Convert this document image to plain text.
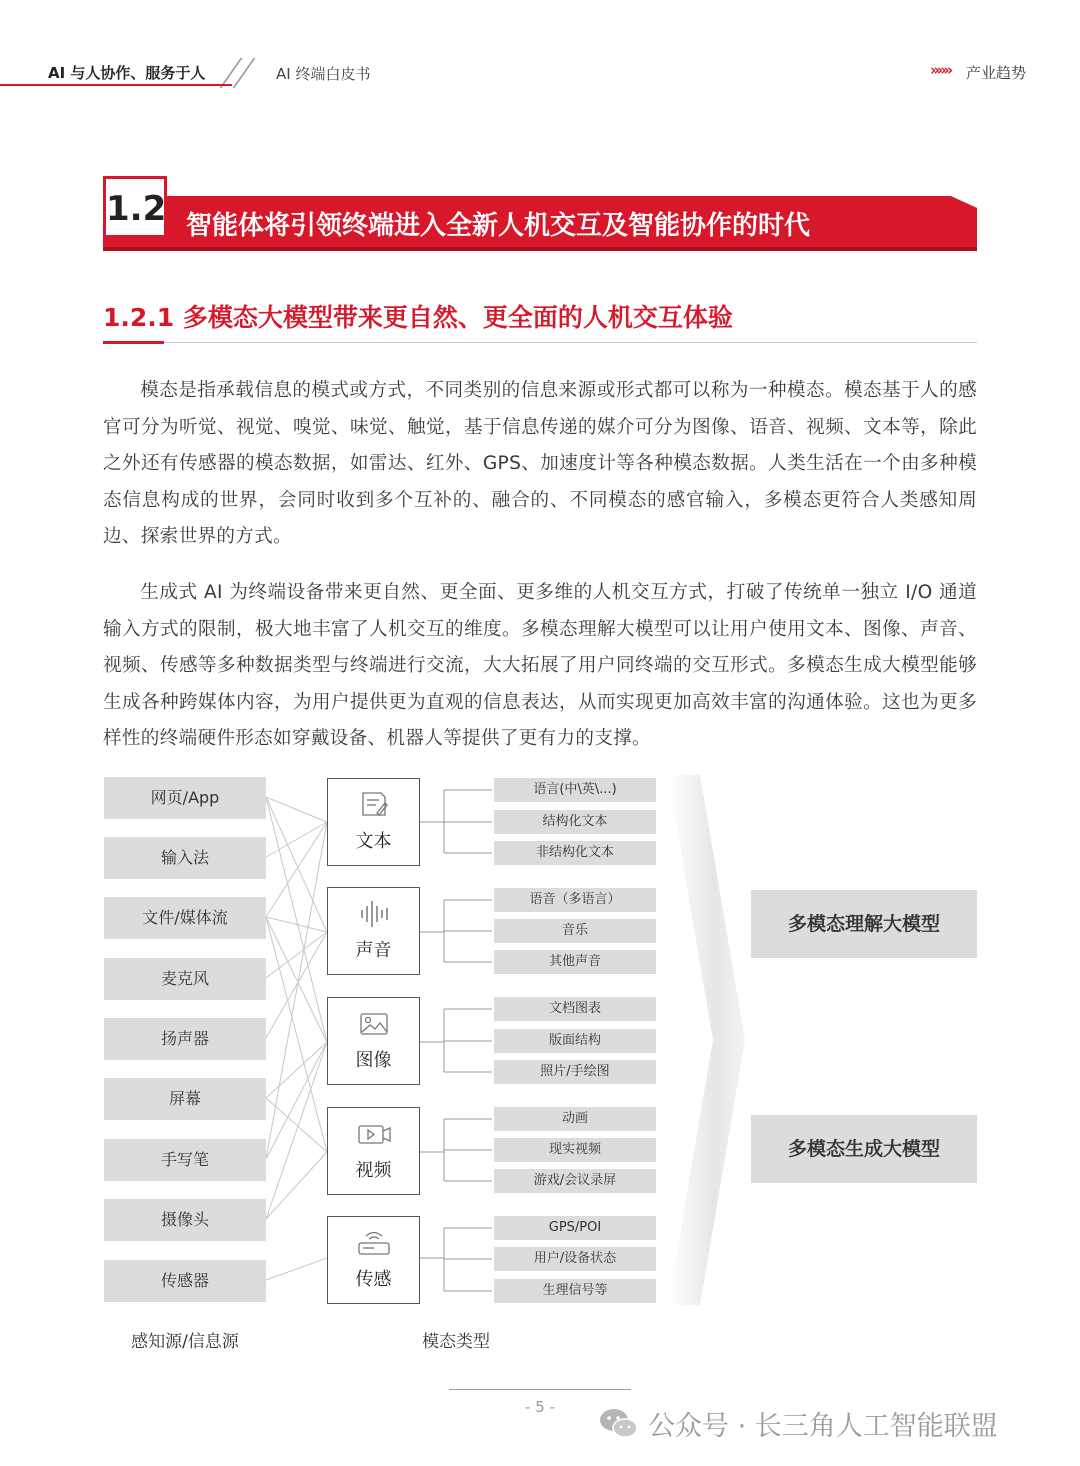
AI 与人协作、服务于人	AI 终端白皮书	»»» 产业趋势
1.2 智能体将引领终端进入全新人机交互及智能协作的时代
1.2.1 多模态大模型带来更自然、更全面的人机交互体验
模态是指承载信息的模式或方式，不同类别的信息来源或形式都可以称为一种模态。模态基于人的感官可分为听觉、视觉、嗅觉、味觉、触觉，基于信息传递的媒介可分为图像、语音、视频、文本等，除此之外还有传感器的模态数据，如雷达、红外、GPS、加速度计等各种模态数据。人类生活在一个由多种模态信息构成的世界，会同时收到多个互补的、融合的、不同模态的感官输入，多模态更符合人类感知周边、探索世界的方式。
生成式 AI 为终端设备带来更自然、更全面、更多维的人机交互方式，打破了传统单一独立 I/O 通道输入方式的限制，极大地丰富了人机交互的维度。多模态理解大模型可以让用户使用文本、图像、声音、视频、传感等多种数据类型与终端进行交流，大大拓展了用户同终端的交互形式。多模态生成大模型能够生成各种跨媒体内容，为用户提供更为直观的信息表达，从而实现更加高效丰富的沟通体验。这也为更多样性的终端硬件形态如穿戴设备、机器人等提供了更有力的支撑。
网页/App
输入法
文件/媒体流
麦克风
扬声器
屏幕
手写笔
摄像头
传感器
文本
声音
图像
视频
传感
语言(中\英\...)
结构化文本
非结构化文本
语音（多语言）
音乐
其他声音
文档图表
版面结构
照片/手绘图
动画
现实视频
游戏/会议录屏
GPS/POI
用户/设备状态
生理信号等
多模态理解大模型
多模态生成大模型
感知源/信息源	模态类型
- 5 -
公众号 · 长三角人工智能联盟
